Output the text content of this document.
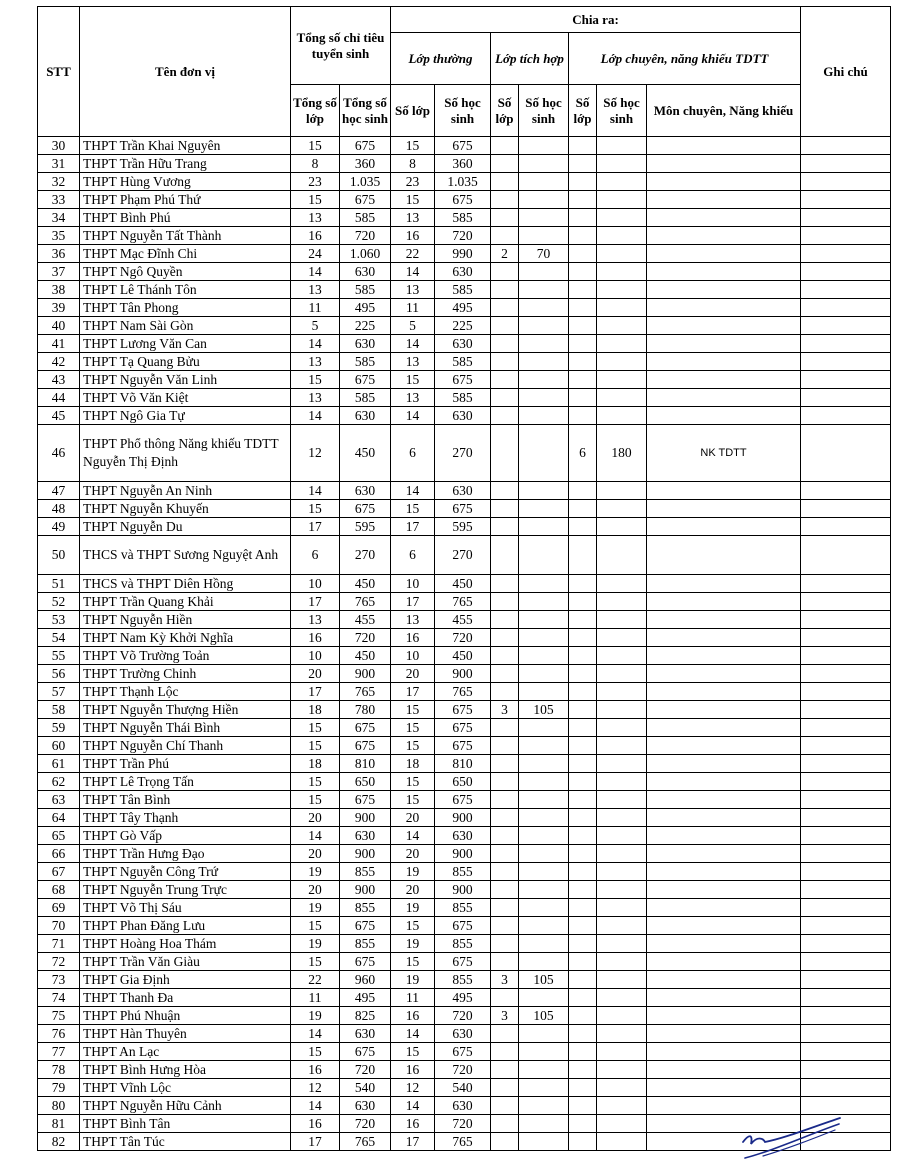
STT	Tên đơn vị	Tổng số chỉ tiêu tuyển sinh		Chia ra:							Ghi chú
				Lớp thường		Lớp tích hợp		Lớp chuyên, năng khiếu TDTT			
		Tổng số lớp	Tổng số học sinh	Số lớp	Số học sinh	Số lớp	Số học sinh	Số lớp	Số học sinh	Môn chuyên, Năng khiếu	
30	THPT Trần Khai Nguyên	15	675	15	675						
31	THPT Trần Hữu Trang	8	360	8	360						
32	THPT Hùng Vương	23	1.035	23	1.035						
33	THPT Phạm Phú Thứ	15	675	15	675						
34	THPT Bình Phú	13	585	13	585						
35	THPT Nguyễn Tất Thành	16	720	16	720						
36	THPT Mạc Đĩnh Chi	24	1.060	22	990	2	70				
37	THPT Ngô Quyền	14	630	14	630						
38	THPT Lê Thánh Tôn	13	585	13	585						
39	THPT Tân Phong	11	495	11	495						
40	THPT Nam Sài Gòn	5	225	5	225						
41	THPT Lương Văn Can	14	630	14	630						
42	THPT Tạ Quang Bửu	13	585	13	585						
43	THPT Nguyễn Văn Linh	15	675	15	675						
44	THPT Võ Văn Kiệt	13	585	13	585						
45	THPT Ngô Gia Tự	14	630	14	630						
46	THPT Phổ thông Năng khiếu TDTT Nguyễn Thị Định	12	450	6	270			6	180	NK TDTT	
47	THPT Nguyễn An Ninh	14	630	14	630						
48	THPT Nguyễn Khuyến	15	675	15	675						
49	THPT Nguyễn Du	17	595	17	595						
50	THCS và THPT Sương Nguyệt Anh	6	270	6	270						
51	THCS và THPT Diên Hồng	10	450	10	450						
52	THPT Trần Quang Khải	17	765	17	765						
53	THPT Nguyễn Hiền	13	455	13	455						
54	THPT Nam Kỳ Khởi Nghĩa	16	720	16	720						
55	THPT Võ Trường Toản	10	450	10	450						
56	THPT Trường Chinh	20	900	20	900						
57	THPT Thạnh Lộc	17	765	17	765						
58	THPT Nguyễn Thượng Hiền	18	780	15	675	3	105				
59	THPT Nguyễn Thái Bình	15	675	15	675						
60	THPT Nguyễn Chí Thanh	15	675	15	675						
61	THPT Trần Phú	18	810	18	810						
62	THPT Lê Trọng Tấn	15	650	15	650						
63	THPT Tân Bình	15	675	15	675						
64	THPT Tây Thạnh	20	900	20	900						
65	THPT Gò Vấp	14	630	14	630						
66	THPT Trần Hưng Đạo	20	900	20	900						
67	THPT Nguyễn Công Trứ	19	855	19	855						
68	THPT Nguyễn Trung Trực	20	900	20	900						
69	THPT Võ Thị Sáu	19	855	19	855						
70	THPT Phan Đăng Lưu	15	675	15	675						
71	THPT Hoàng Hoa Thám	19	855	19	855						
72	THPT Trần Văn Giàu	15	675	15	675						
73	THPT Gia Định	22	960	19	855	3	105				
74	THPT Thanh Đa	11	495	11	495						
75	THPT Phú Nhuận	19	825	16	720	3	105				
76	THPT Hàn Thuyên	14	630	14	630						
77	THPT An Lạc	15	675	15	675						
78	THPT Bình Hưng Hòa	16	720	16	720						
79	THPT Vĩnh Lộc	12	540	12	540						
80	THPT Nguyễn Hữu Cảnh	14	630	14	630						
81	THPT Bình Tân	16	720	16	720						
82	THPT Tân Túc	17	765	17	765						
